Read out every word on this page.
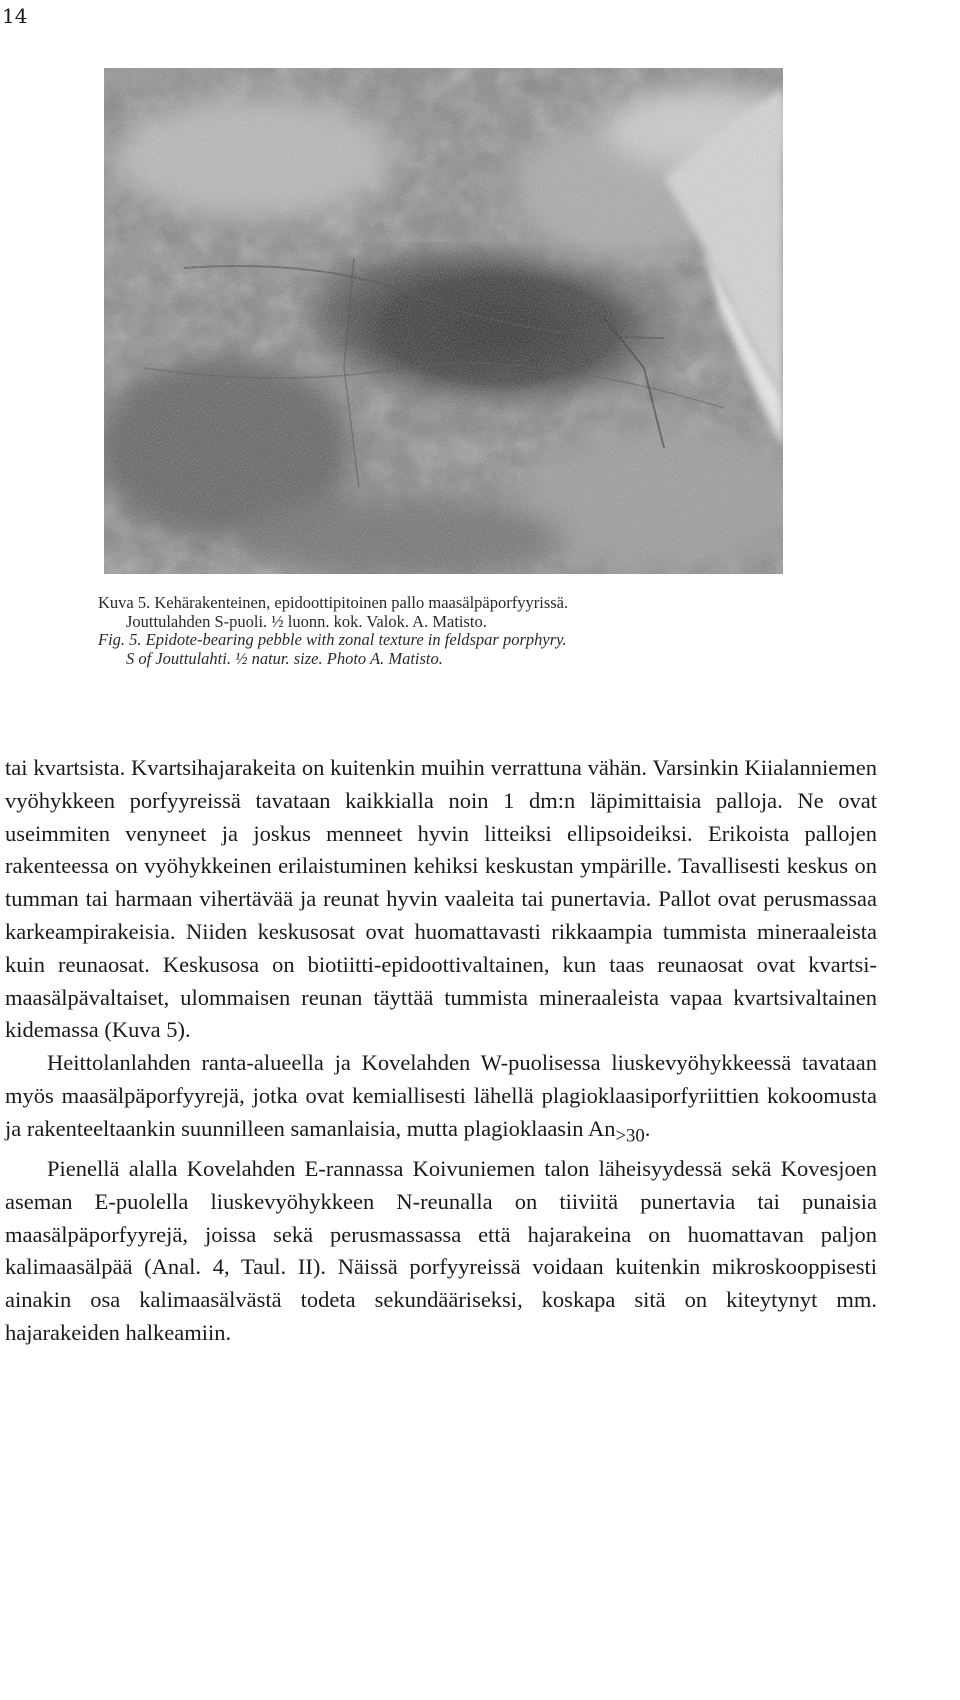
14
Kuva 5. Kehärakenteinen, epidoottipitoinen pallo maasälpäporfyyrissä.
Jouttulahden S-puoli. ½ luonn. kok. Valok. A. Matisto.
Fig. 5. Epidote-bearing pebble with zonal texture in feldspar porphyry.
S of Jouttulahti. ½ natur. size. Photo A. Matisto.

tai kvartsista. Kvartsihajarakeita on kuitenkin muihin verrattuna vähän. Varsinkin Kiialanniemen vyöhykkeen porfyyreissä tavataan kaikkialla noin 1 dm:n läpimittaisia palloja. Ne ovat useimmiten venyneet ja joskus menneet hyvin litteiksi ellipsoideiksi. Erikoista pallojen rakenteessa on vyöhykkeinen erilaistuminen kehiksi keskustan ympärille. Tavallisesti keskus on tumman tai harmaan vihertävää ja reunat hyvin vaaleita tai punertavia. Pallot ovat perusmassaa karkeampirakeisia. Niiden keskusosat ovat huomattavasti rikkaampia tummista mineraaleista kuin reunaosat. Keskusosa on biotiitti-epidoottivaltainen, kun taas reunaosat ovat kvartsi-maasälpävaltaiset, ulommaisen reunan täyttää tummista mineraaleista vapaa kvartsivaltainen kidemassa (Kuva 5).

Heittolanlahden ranta-alueella ja Kovelahden W-puolisessa liuskevyöhykkeessä tavataan myös maasälpäporfyyrejä, jotka ovat kemiallisesti lähellä plagioklaasiporfyriittien kokoomusta ja rakenteeltaankin suunnilleen samanlaisia, mutta plagioklaasin $An_{>30}$.

Pienellä alalla Kovelahden E-rannassa Koivuniemen talon läheisyydessä sekä Kovesjoen aseman E-puolella liuskevyöhykkeen N-reunalla on tiiviitä punertavia tai punaisia maasälpäporfyyrejä, joissa sekä perusmassassa että hajarakeina on huomattavan paljon kalimaasälpää (Anal. 4, Taul. II). Näissä porfyyreissä voidaan kuitenkin mikroskooppisesti ainakin osa kalimaasälvästä todeta sekundääriseksi, koskapa sitä on kiteytynyt mm. hajarakeiden halkeamiin.
